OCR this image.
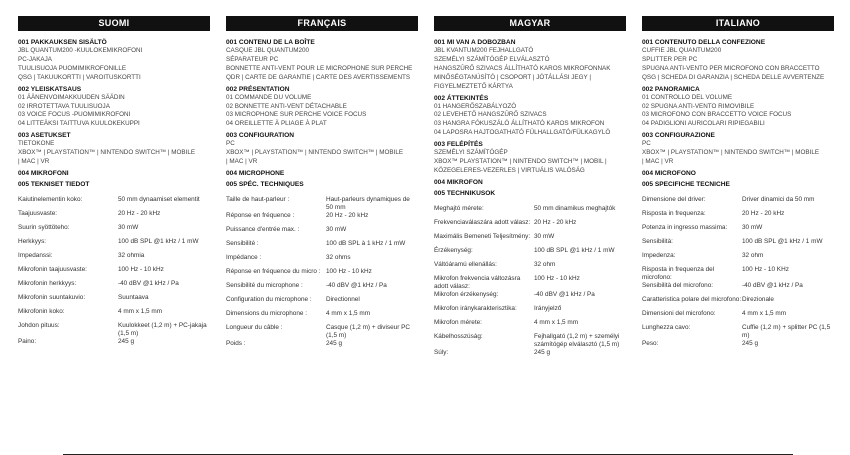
SUOMI
001 PAKKAUKSEN SISÄLTÖ
JBL QUANTUM200 -KUULOKEMIKROFONI
PC-JAKAJA
TUULISUOJA PUOMIMIKROFONILLE
QSG | TAKUUKORTTI | VAROITUSKORTTI
002 YLEISKATSAUS
01 ÄÄNENVOIMAKKUUDEN SÄÄDIN
02 IRROTETTAVA TUULISUOJA
03 VOICE FOCUS -PUOMIMIKROFONI
04 LITTEÄKSI TAITTUVA KUULOKEKUPPI
003 ASETUKSET
TIETOKONE
XBOX™ | PLAYSTATION™ | NINTENDO SWITCH™ | MOBILE
| MAC | VR
004 MIKROFONI
005 TEKNISET TIEDOT
Kaiutinelementin koko:	50 mm dynaamiset elementit
Taajuusvaste:	20 Hz - 20 kHz
Suurin syöttöteho:	30 mW
Herkkyys:	100 dB SPL @1 kHz / 1 mW
Impedanssi:	32 ohmia
Mikrofonin taajuusvaste:	100 Hz - 10 kHz
Mikrofonin herkkyys:	-40 dBV @1 kHz / Pa
Mikrofonin suuntakuvio:	Suuntaava
Mikrofonin koko:	4 mm x 1,5 mm
Johdon pituus:	Kuulokkeet (1,2 m) + PC-jakaja (1,5 m)
Paino:	245 g
FRANÇAIS
001 CONTENU DE LA BOÎTE
CASQUE JBL QUANTUM200
SÉPARATEUR PC
BONNETTE ANTI-VENT POUR LE MICROPHONE SUR PERCHE
QDR | CARTE DE GARANTIE | CARTE DES AVERTISSEMENTS
002 PRÉSENTATION
01 COMMANDE DU VOLUME
02 BONNETTE ANTI-VENT DÉTACHABLE
03 MICROPHONE SUR PERCHE VOICE FOCUS
04 OREILLETTE À PLIAGE À PLAT
003 CONFIGURATION
PC
XBOX™ | PLAYSTATION™ | NINTENDO SWITCH™ | MOBILE
| MAC | VR
004 MICROPHONE
005 SPÉC. TECHNIQUES
Taille de haut-parleur :	Haut-parleurs dynamiques de 50 mm
Réponse en fréquence :	20 Hz - 20 kHz
Puissance d'entrée max. :	30 mW
Sensibilité :	100 dB SPL à 1 kHz / 1 mW
Impédance :	32 ohms
Réponse en fréquence du micro : 100 Hz - 10 kHz
Sensibilité du microphone :	-40 dBV @1 kHz / Pa
Configuration du microphone :	Directionnel
Dimensions du microphone :	4 mm x 1,5 mm
Longueur du câble :	Casque (1,2 m) + diviseur PC (1,5 m)
Poids :	245 g
MAGYAR
001 MI VAN A DOBOZBAN
JBL KVANTUM200 FEJHALLGATÓ
SZEMÉLYI SZÁMÍTÓGÉP ELVÁLASZTÓ
HANGSZÛRŐ SZIVACS ÁLLÍTHATÓ KAROS MIKROFONNAK
MINŐSÉGTANÚSÍTÓ | CSOPORT | JÓTÁLLÁSI JEGY |
FIGYELMEZTETŐ KÁRTYA
002 ÁTTEKINTÉS
01 HANGERŐSZABÁLYOZÓ
02 LEVEHETŐ HANGSZÛRŐ SZIVACS
03 HANGRA FÓKUSZÁLÓ ÁLLÍTHATÓ KAROS MIKROFON
04 LAPOSRA HAJTOGATHATÓ FÜLHALLGATÓ/FÜLKAGYLÓ
003 FELÉPÍTÉS
SZEMÉLYI SZÁMÍTÓGÉP
XBOX™ PLAYSTATION™ | NINTENDO SWITCH™ | MOBIL |
KÖZEGELERES-VEZERLES | VIRTUÁLIS VALÓSÁG
004 MIKROFON
005 TECHNIKUSOK
Meghajtó mérete:	50 mm dinamikus meghajtók
Frekvenciaválaszára adott válasz: 20 Hz - 20 kHz
Maximális Bemeneti Teljesítmény: 30 mW
Érzékenység:	100 dB SPL @1 kHz / 1 mW
Váltóáramú ellenállás:	32 ohm
Mikrofon frekvencia változásra adott válasz:
100 Hz - 10 kHz
Mikrofon érzékenység:	-40 dBV @1 kHz / Pa
Mikrofon iránykarakterisztika:	Irányjelző
Mikrofon mérete:	4 mm x 1,5 mm
Kábelhosszúság:	Fejhallgató (1,2 m) + személyi számítógép elválasztó (1,5 m)
Súly:	245 g
ITALIANO
001 CONTENUTO DELLA CONFEZIONE
CUFFIE JBL QUANTUM200
SPLITTER PER PC
SPUGNA ANTI-VENTO PER MICROFONO CON BRACCETTO
QSG | SCHEDA DI GARANZIA | SCHEDA DELLE AVVERTENZE
002 PANORAMICA
01 CONTROLLO DEL VOLUME
02 SPUGNA ANTI-VENTO RIMOVIBILE
03 MICROFONO CON BRACCETTO VOICE FOCUS
04 PADIGLIONI AURICOLARI RIPIEGABILI
003 CONFIGURAZIONE
PC
XBOX™ | PLAYSTATION™ | NINTENDO SWITCH™ | MOBILE
| MAC | VR
004 MICROFONO
005 SPECIFICHE TECNICHE
Dimensione del driver:	Driver dinamici da 50 mm
Risposta in frequenza:	20 Hz - 20 kHz
Potenza in ingresso massima:	30 mW
Sensibilità:	100 dB SPL @1 kHz / 1 mW
Impedenza:	32 ohm
Risposta in frequenza del microfono:
100 Hz - 10 KHz
Sensibilità del microfono:	-40 dBV @1 kHz / Pa
Caratteristica polare del microfono: Direzionale
Dimensioni del microfono:	4 mm x 1,5 mm
Lunghezza cavo:	Cuffie (1,2 m) + splitter PC (1,5 m)
Peso:	245 g
